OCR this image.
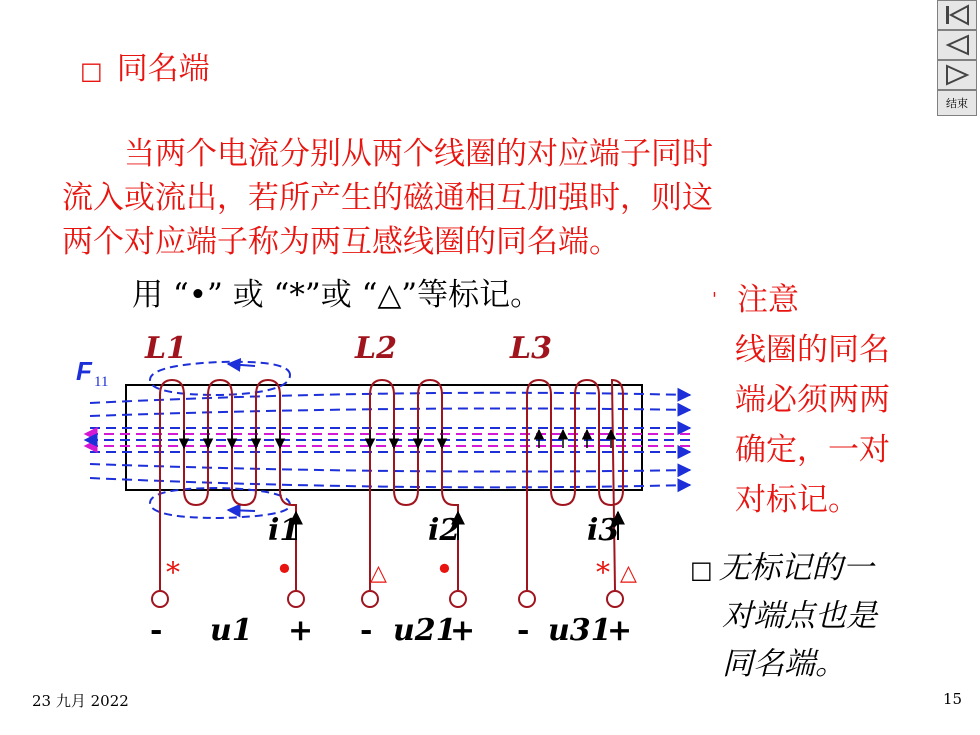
结束
□ 同名端
　　当两个电流分别从两个线圈的对应端子同时
流入或流出，若所产生的磁通相互加强时，则这
两个对应端子称为两互感线圈的同名端。
用 “•” 或 “*”或 “△”等标记。	' 注意
线圈的同名
端必须两两
确定，一对
对标记。
□ 无标记的一
对端点也是
同名端。
F 11
L1	L2	L3
i1	i2	i3
*	•	△ •	* △
- u1 + - u21
+ - u31
+
23 九月 2022	15
